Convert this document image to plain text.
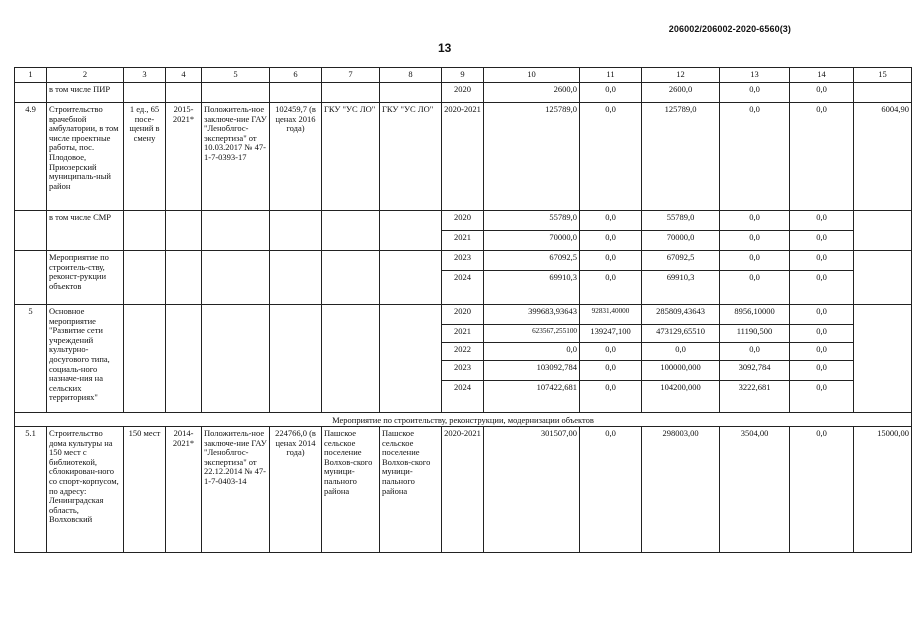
206002/206002-2020-6560(3)
13
1	2	3	4	5	6	7	8	9	10	11	12	13	14	15
	в том числе ПИР							2020	2600,0	0,0	2600,0	0,0	0,0	
4.9	Строительство врачебной амбулатории, в том числе проектные работы, пос. Плодовое, Приозерский муниципаль-ный район	1 ед., 65 посе-щений в смену	2015-2021*	Положитель-ное заключе-ние ГАУ "Леноблгос-экспертиза" от 10.03.2017 № 47-1-7-0393-17	102459,7 (в ценах 2016 года)	ГКУ "УС ЛО"	ГКУ "УС ЛО"	2020-2021	125789,0	0,0	125789,0	0,0	0,0	6004,90
	в том числе СМР							2020	55789,0	0,0	55789,0	0,0	0,0	
								2021	70000,0	0,0	70000,0	0,0	0,0	
	Мероприятие по строитель-ству, реконст-рукции объектов							2023	67092,5	0,0	67092,5	0,0	0,0	
								2024	69910,3	0,0	69910,3	0,0	0,0	
5	Основное мероприятие "Развитие сети учреждений культурно-досугового типа, социаль-ного назначе-ния на сельских территориях"							2020	399683,93643	92831,40000	285809,43643	8956,10000	0,0	
								2021	623567,255100	139247,100	473129,65510	11190,500	0,0	
								2022	0,0	0,0	0,0	0,0	0,0	
								2023	103092,784	0,0	100000,000	3092,784	0,0	
								2024	107422,681	0,0	104200,000	3222,681	0,0	
Мероприятие по строительству, реконструкции, модернизации объектов														
5.1	Строительство дома культуры на 150 мест с библиотекой, сблокирован-ного со спорт-корпусом, по адресу: Ленинградская область, Волховский	150 мест	2014-2021*	Положитель-ное заключе-ние ГАУ "Леноблгос-экспертиза" от 22.12.2014 № 47-1-7-0403-14	224766,0 (в ценах 2014 года)	Пашское сельское поселение Волхов-ского муници-пального района	Пашское сельское поселение Волхов-ского муници-пального района	2020-2021	301507,00	0,0	298003,00	3504,00	0,0	15000,00
